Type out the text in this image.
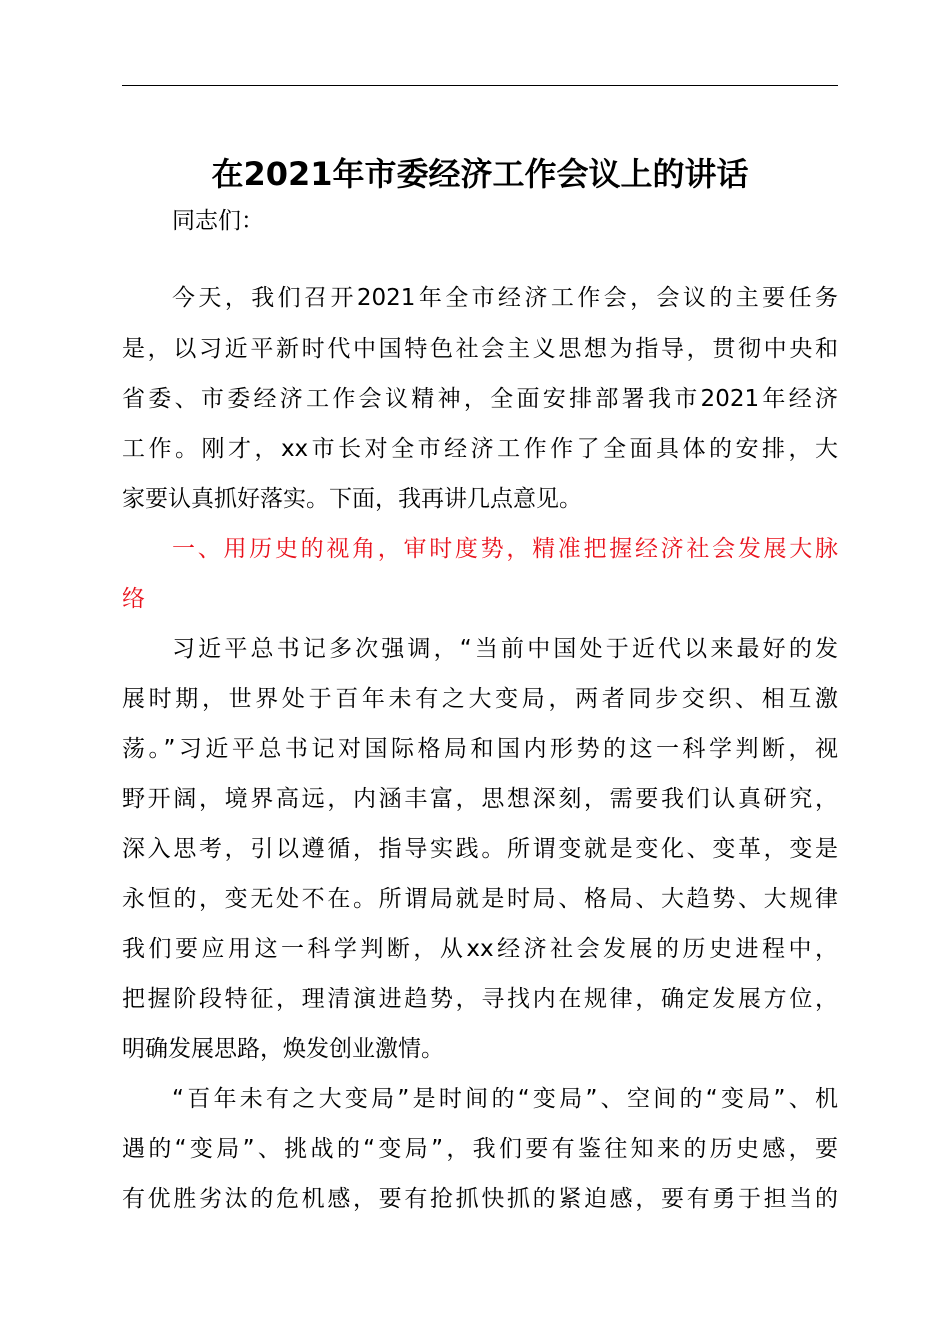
在2021年市委经济工作会议上的讲话
同志们：
今天，我们召开2021年全市经济工作会，会议的主要任务
是，以习近平新时代中国特色社会主义思想为指导，贯彻中央和
省委、市委经济工作会议精神，全面安排部署我市2021年经济
工作。刚才，xx市长对全市经济工作作了全面具体的安排，大
家要认真抓好落实。下面，我再讲几点意见。
一、用历史的视角，审时度势，精准把握经济社会发展大脉
络
习近平总书记多次强调，“当前中国处于近代以来最好的发
展时期，世界处于百年未有之大变局，两者同步交织、相互激
荡。”习近平总书记对国际格局和国内形势的这一科学判断，视
野开阔，境界高远，内涵丰富，思想深刻，需要我们认真研究，
深入思考，引以遵循，指导实践。所谓变就是变化、变革，变是
永恒的，变无处不在。所谓局就是时局、格局、大趋势、大规律
我们要应用这一科学判断，从xx经济社会发展的历史进程中，
把握阶段特征，理清演进趋势，寻找内在规律，确定发展方位，
明确发展思路，焕发创业激情。
“百年未有之大变局”是时间的“变局”、空间的“变局”、机
遇的“变局”、挑战的“变局”，我们要有鉴往知来的历史感，要
有优胜劣汰的危机感，要有抢抓快抓的紧迫感，要有勇于担当的
